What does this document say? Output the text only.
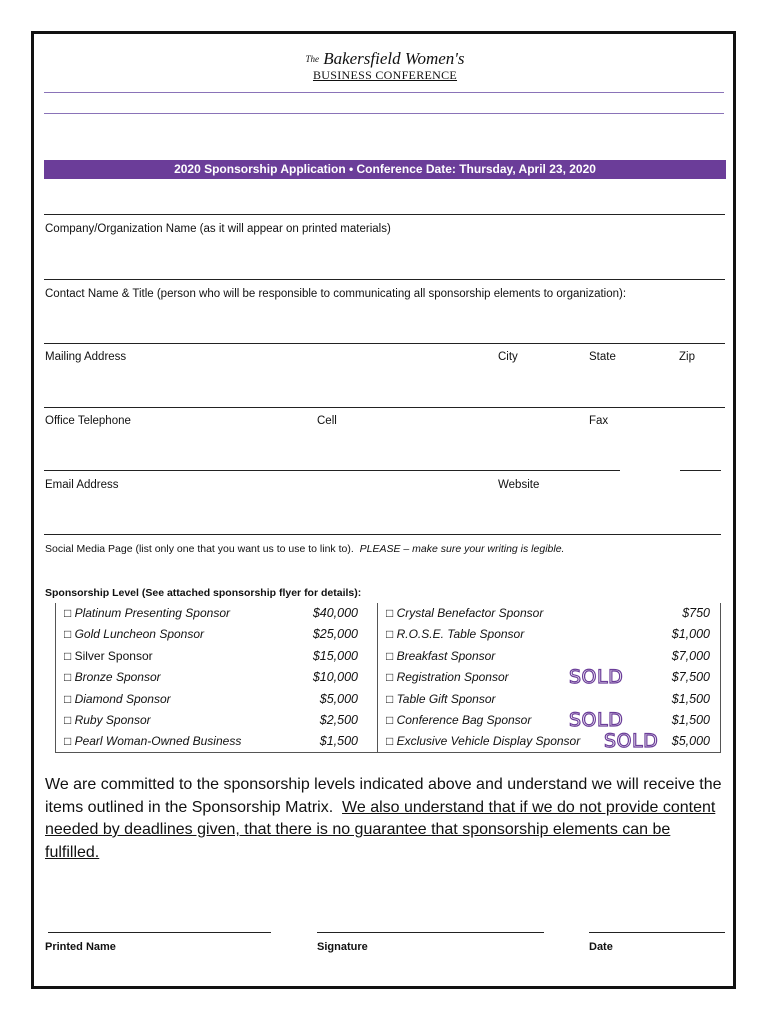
$^{The}$ Bakersfield Women's
BUSINESS CONFERENCE
2020 Sponsorship Application • Conference Date: Thursday, April 23, 2020
Company/Organization Name (as it will appear on printed materials)
Contact Name & Title (person who will be responsible to communicating all sponsorship elements to organization):
Mailing Address	City	State	Zip
Office Telephone	Cell	Fax
Email Address	Website
Social Media Page (list only one that you want us to use to link to). PLEASE – make sure your writing is legible.
Sponsorship Level (See attached sponsorship flyer for details):
□ Platinum Presenting Sponsor	$40,000
□ Gold Luncheon Sponsor	$25,000
□ Silver Sponsor	$15,000
□ Bronze Sponsor	$10,000
□ Diamond Sponsor	$5,000
□ Ruby Sponsor	$2,500
□ Pearl Woman-Owned Business	$1,500
□ Crystal Benefactor Sponsor	$750
□ R.O.S.E. Table Sponsor	$1,000
□ Breakfast Sponsor	$7,000
□ Registration Sponsor	$7,500
SOLD
□ Table Gift Sponsor	$1,500
□ Conference Bag Sponsor	$1,500
SOLD
□ Exclusive Vehicle Display Sponsor	$5,000
SOLD
We are committed to the sponsorship levels indicated above and understand we will receive the items outlined in the Sponsorship Matrix. We also understand that if we do not provide content needed by deadlines given, that there is no guarantee that sponsorship elements can be fulfilled.
Printed Name	Signature	Date
